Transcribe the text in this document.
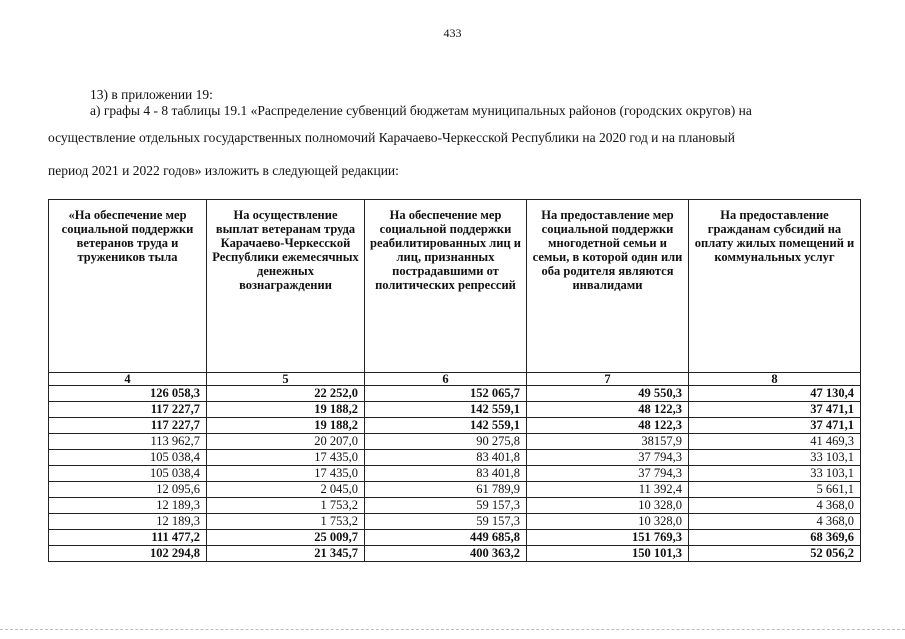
433
13) в приложении 19:
а) графы 4 - 8 таблицы 19.1 «Распределение субвенций бюджетам муниципальных районов (городских округов) на
осуществление отдельных государственных полномочий Карачаево-Черкесской Республики на 2020 год и на плановый
период 2021 и 2022 годов» изложить в следующей редакции:
«На обеспечение мер социальной поддержки ветеранов труда и тружеников тыла	На осуществление выплат ветеранам труда Карачаево-Черкесской Республики ежемесячных денежных вознаграждении	На обеспечение мер социальной поддержки реабилитированных лиц и лиц, признанных пострадавшими от политических репрессий	На предоставление мер социальной поддержки многодетной семьи и семьи, в которой один или оба родителя являются инвалидами	На предоставление гражданам субсидий на оплату жилых помещений и коммунальных услуг
4	5	6	7	8
126 058,3	22 252,0	152 065,7	49 550,3	47 130,4
117 227,7	19 188,2	142 559,1	48 122,3	37 471,1
117 227,7	19 188,2	142 559,1	48 122,3	37 471,1
113 962,7	20 207,0	90 275,8	38157,9	41 469,3
105 038,4	17 435,0	83 401,8	37 794,3	33 103,1
105 038,4	17 435,0	83 401,8	37 794,3	33 103,1
12 095,6	2 045,0	61 789,9	11 392,4	5 661,1
12 189,3	1 753,2	59 157,3	10 328,0	4 368,0
12 189,3	1 753,2	59 157,3	10 328,0	4 368,0
111 477,2	25 009,7	449 685,8	151 769,3	68 369,6
102 294,8	21 345,7	400 363,2	150 101,3	52 056,2
